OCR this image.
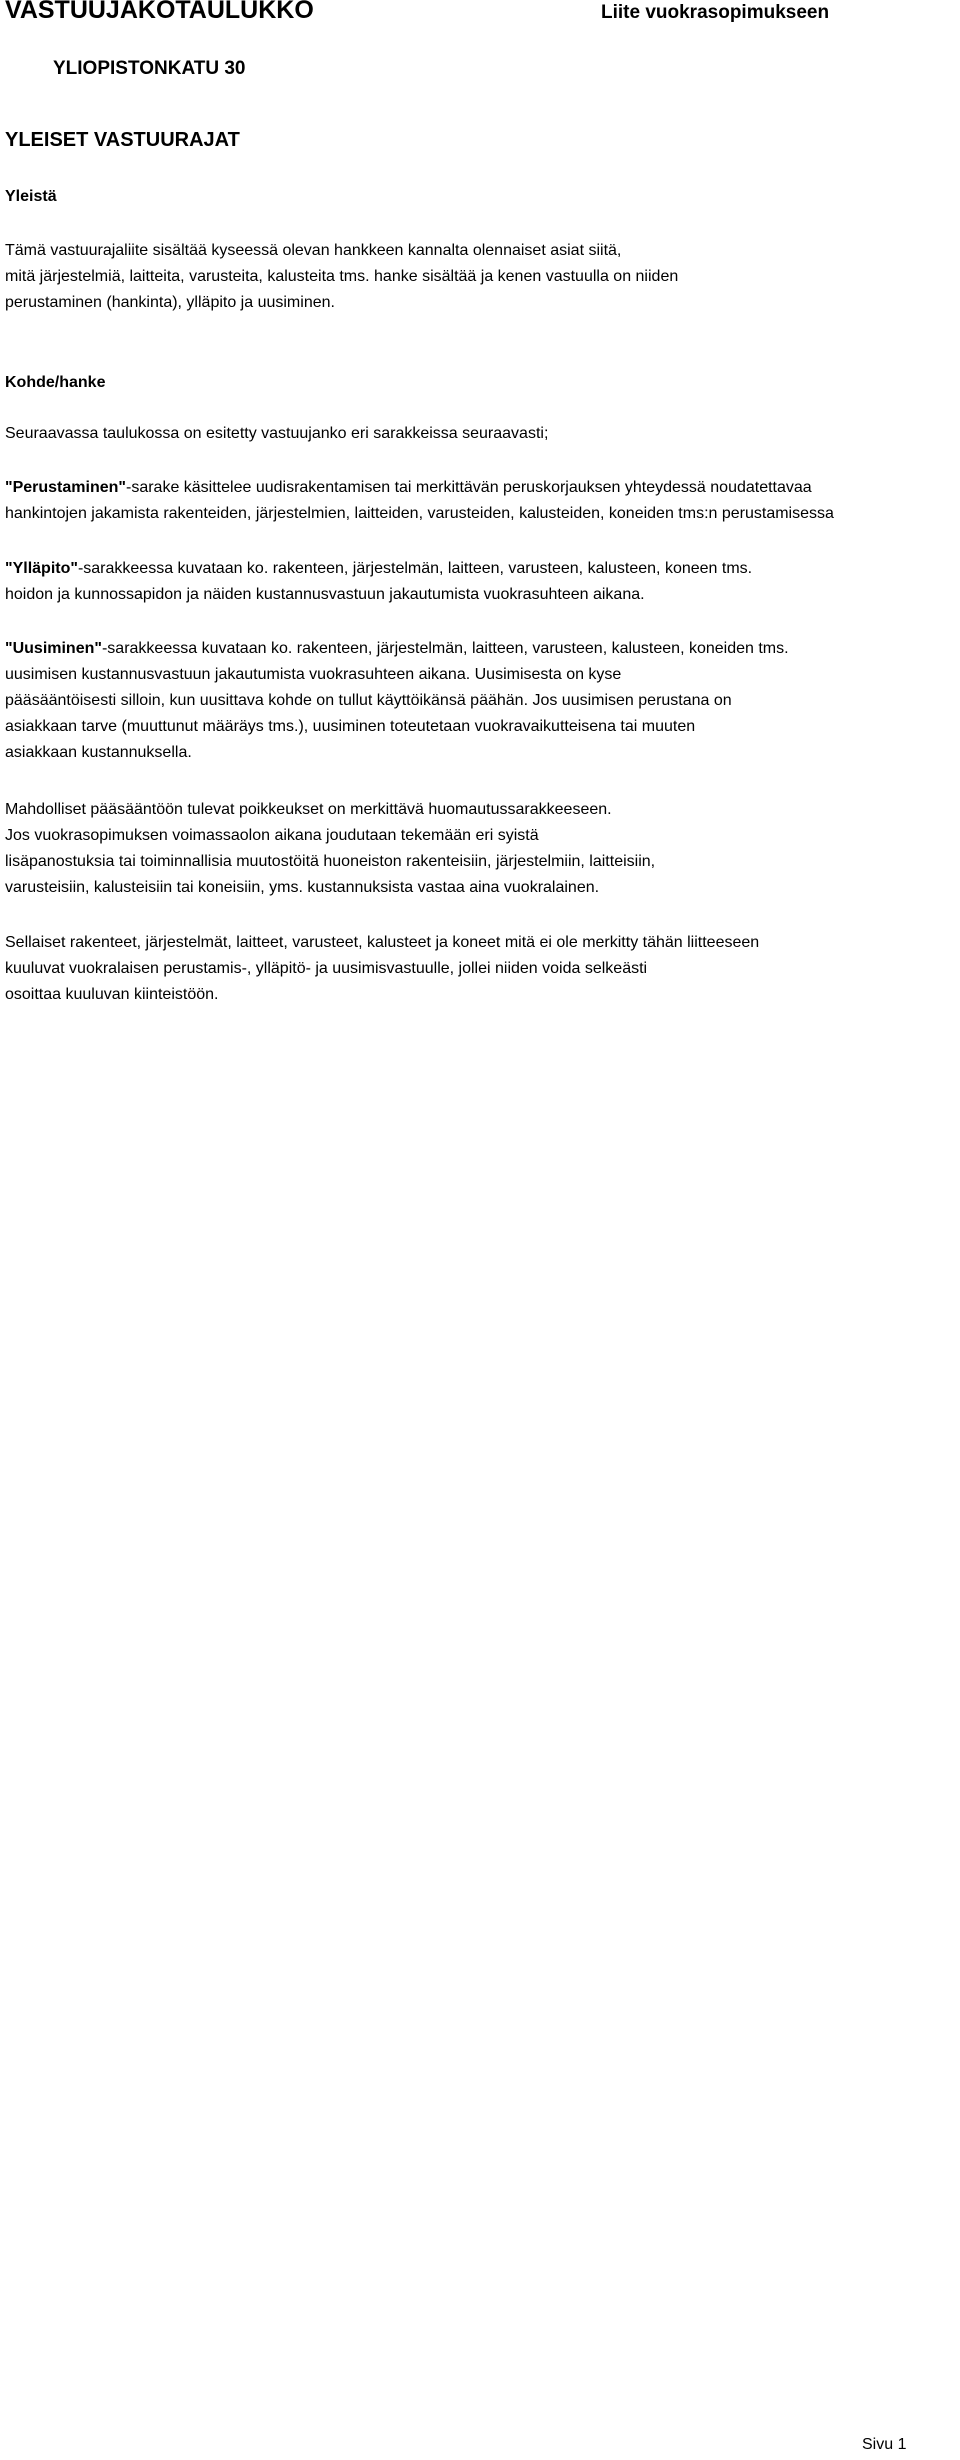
VASTUUJAKOTAULUKKO	Liite vuokrasopimukseen
YLIOPISTONKATU 30
YLEISET VASTUURAJAT
Yleistä
Tämä vastuurajaliite sisältää kyseessä olevan hankkeen kannalta olennaiset asiat siitä,
mitä järjestelmiä, laitteita, varusteita, kalusteita tms. hanke sisältää ja kenen vastuulla on niiden
perustaminen (hankinta), ylläpito ja uusiminen.
Kohde/hanke
Seuraavassa taulukossa on esitetty vastuujanko eri sarakkeissa seuraavasti;
"Perustaminen"-sarake käsittelee uudisrakentamisen tai merkittävän peruskorjauksen yhteydessä noudatettavaa
hankintojen jakamista rakenteiden, järjestelmien, laitteiden, varusteiden, kalusteiden, koneiden tms:n perustamisessa
"Ylläpito"-sarakkeessa kuvataan ko. rakenteen, järjestelmän, laitteen, varusteen, kalusteen, koneen tms.
hoidon ja kunnossapidon ja näiden kustannusvastuun jakautumista vuokrasuhteen aikana.
"Uusiminen"-sarakkeessa kuvataan ko. rakenteen, järjestelmän, laitteen, varusteen, kalusteen, koneiden tms.
uusimisen kustannusvastuun jakautumista vuokrasuhteen aikana. Uusimisesta on kyse
pääsääntöisesti silloin, kun uusittava kohde on tullut käyttöikänsä päähän. Jos uusimisen perustana on
asiakkaan tarve (muuttunut määräys tms.), uusiminen toteutetaan vuokravaikutteisena tai muuten
asiakkaan kustannuksella.
Mahdolliset pääsääntöön tulevat poikkeukset on merkittävä huomautussarakkeeseen.
Jos vuokrasopimuksen voimassaolon aikana joudutaan tekemään eri syistä
lisäpanostuksia tai toiminnallisia muutostöitä huoneiston rakenteisiin, järjestelmiin, laitteisiin,
varusteisiin, kalusteisiin tai koneisiin, yms. kustannuksista vastaa aina vuokralainen.
Sellaiset rakenteet, järjestelmät, laitteet, varusteet, kalusteet ja koneet mitä ei ole merkitty tähän liitteeseen
kuuluvat vuokralaisen perustamis-, ylläpitö- ja uusimisvastuulle, jollei niiden voida selkeästi
osoittaa kuuluvan kiinteistöön.
Sivu 1
